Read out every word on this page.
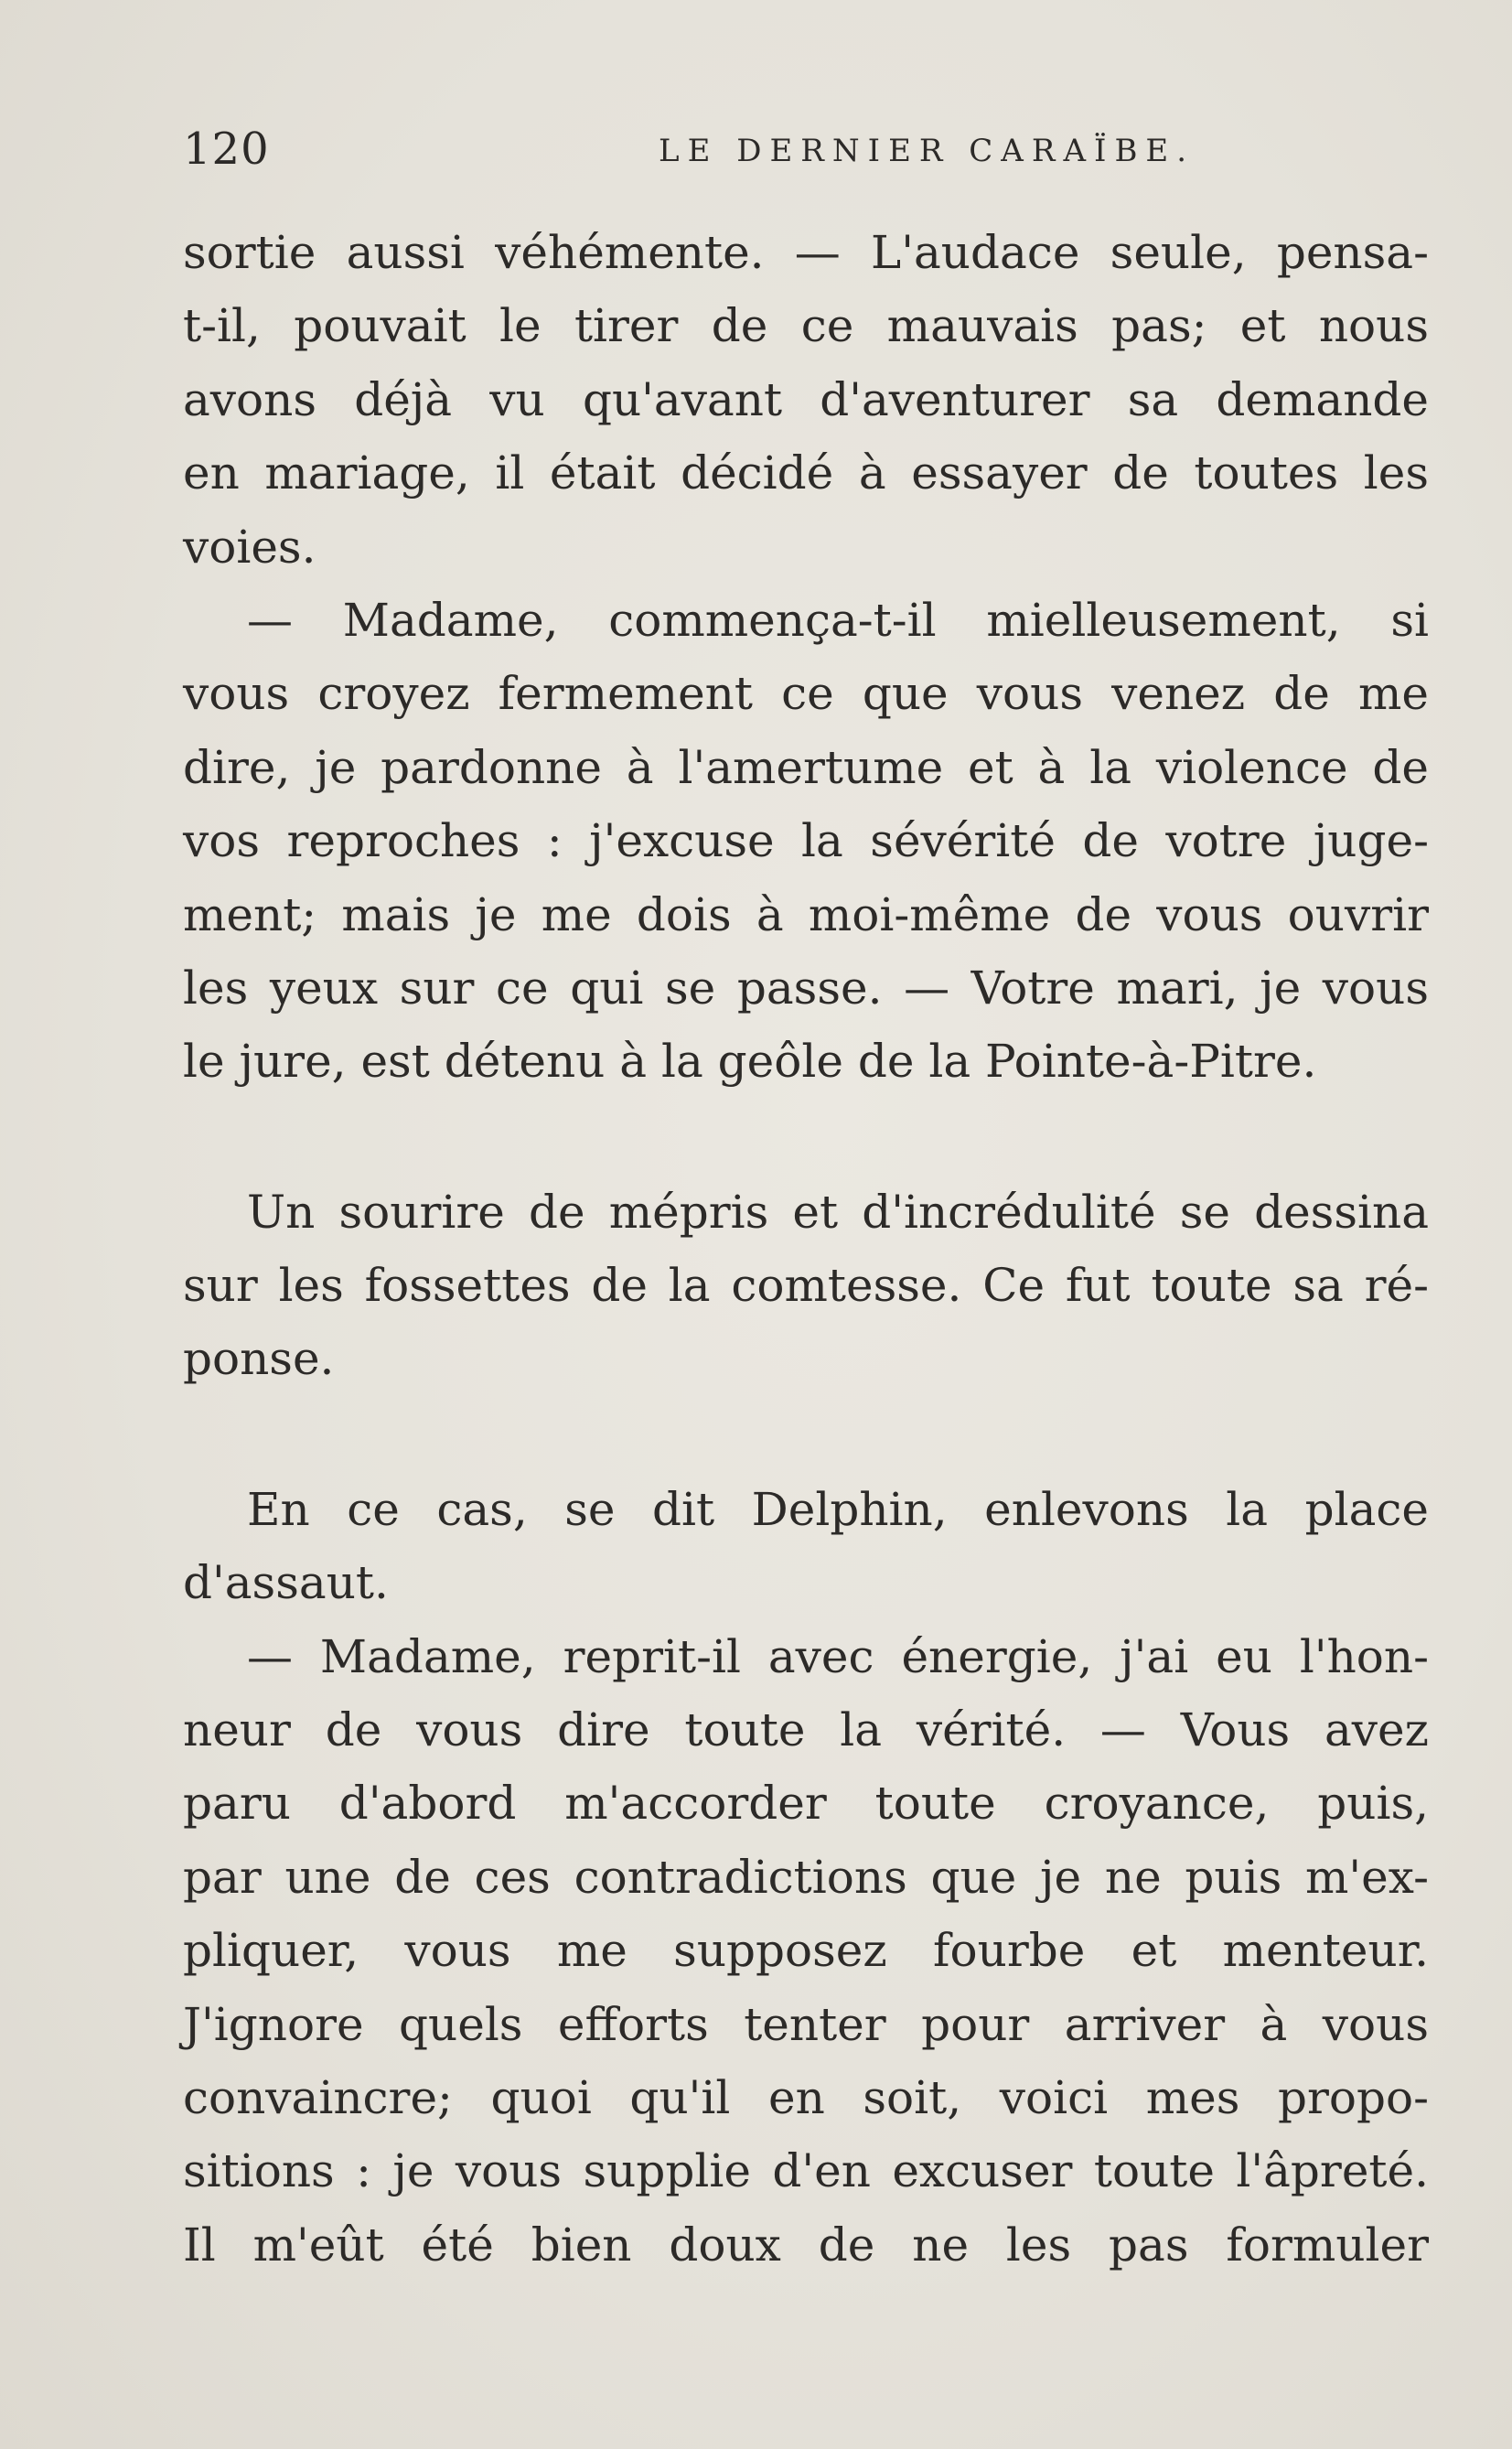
120	LE DERNIER CARAÏBE.
sortie aussi véhémente. — L'audace seule, pensa-
t-il, pouvait le tirer de ce mauvais pas; et nous
avons déjà vu qu'avant d'aventurer sa demande
en mariage, il était décidé à essayer de toutes les
voies.
— Madame, commença-t-il mielleusement, si
vous croyez fermement ce que vous venez de me
dire, je pardonne à l'amertume et à la violence de
vos reproches : j'excuse la sévérité de votre juge-
ment; mais je me dois à moi-même de vous ouvrir
les yeux sur ce qui se passe. — Votre mari, je vous
le jure, est détenu à la geôle de la Pointe-à-Pitre.
Un sourire de mépris et d'incrédulité se dessina
sur les fossettes de la comtesse. Ce fut toute sa ré-
ponse.
En ce cas, se dit Delphin, enlevons la place
d'assaut.
— Madame, reprit-il avec énergie, j'ai eu l'hon-
neur de vous dire toute la vérité. — Vous avez
paru d'abord m'accorder toute croyance, puis,
par une de ces contradictions que je ne puis m'ex-
pliquer, vous me supposez fourbe et menteur.
J'ignore quels efforts tenter pour arriver à vous
convaincre; quoi qu'il en soit, voici mes propo-
sitions : je vous supplie d'en excuser toute l'âpreté.
Il m'eût été bien doux de ne les pas formuler
